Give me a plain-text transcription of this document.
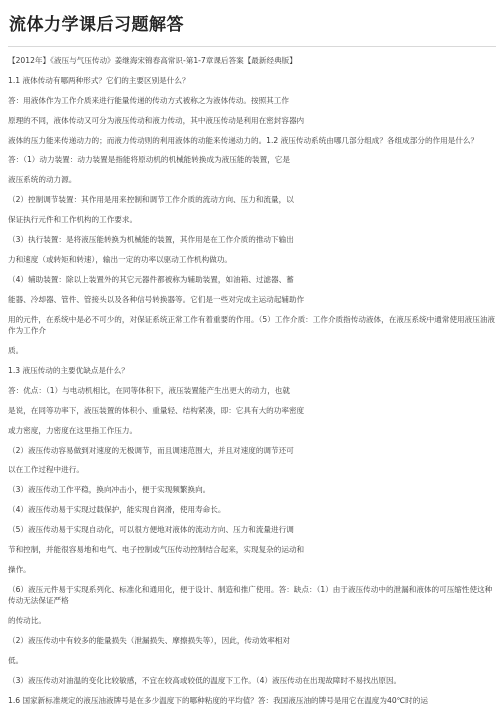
流体力学课后习题解答
【2012年】《液压与气压传动》姜继海宋锦春高常识-第1-7章课后答案【最新经典版】
1.1 液体传动有哪两种形式？它们的主要区别是什么？
答：用液体作为工作介质来进行能量传递的传动方式被称之为液体传动。按照其工作
原理的不同，液体传动又可分为液压传动和液力传动，其中液压传动是利用在密封容器内
液体的压力能来传递动力的；而液力传动则的利用液体的动能来传递动力的。1.2 液压传动系统由哪几部分组成？各组成部分的作用是什么？
答：（1）动力装置：动力装置是指能将原动机的机械能转换成为液压能的装置，它是
液压系统的动力源。
（2）控制调节装置：其作用是用来控制和调节工作介质的流动方向、压力和流量，以
保证执行元件和工作机构的工作要求。
（3）执行装置：是将液压能转换为机械能的装置，其作用是在工作介质的推动下输出
力和速度（或转矩和转速），输出一定的功率以驱动工作机构做功。
（4）辅助装置：除以上装置外的其它元器件都被称为辅助装置，如油箱、过滤器、蓄
能器、冷却器、管件、管接头以及各种信号转换器等。它们是一些对完成主运动起辅助作
用的元件，在系统中是必不可少的，对保证系统正常工作有着重要的作用。（5）工作介质：工作介质指传动液体，在液压系统中通常使用液压油液作为工作介
质。
1.3 液压传动的主要优缺点是什么？
答：优点：（1）与电动机相比，在同等体积下，液压装置能产生出更大的动力，也就
是说，在同等功率下，液压装置的体积小、重量轻、结构紧凑，即：它具有大的功率密度
或力密度，力密度在这里指工作压力。
（2）液压传动容易做到对速度的无极调节，而且调速范围大，并且对速度的调节还可
以在工作过程中进行。
（3）液压传动工作平稳，换向冲击小，便于实现频繁换向。
（4）液压传动易于实现过载保护，能实现自润滑，使用寿命长。
（5）液压传动易于实现自动化，可以很方便地对液体的流动方向、压力和流量进行调
节和控制，并能很容易地和电气、电子控制或气压传动控制结合起来，实现复杂的运动和
操作。
（6）液压元件易于实现系列化、标准化和通用化，便于设计、制造和推广使用。答：缺点：（1）由于液压传动中的泄漏和液体的可压缩性使这种传动无法保证严格
的传动比。
（2）液压传动中有较多的能量损失（泄漏损失、摩擦损失等），因此，传动效率相对
低。
（3）液压传动对油温的变化比较敏感，不宜在较高或较低的温度下工作。（4）液压传动在出现故障时不易找出原因。
1.6 国家新标准规定的液压油液牌号是在多少温度下的哪种粘度的平均值？答：我国液压油的牌号是用它在温度为40℃时的运
